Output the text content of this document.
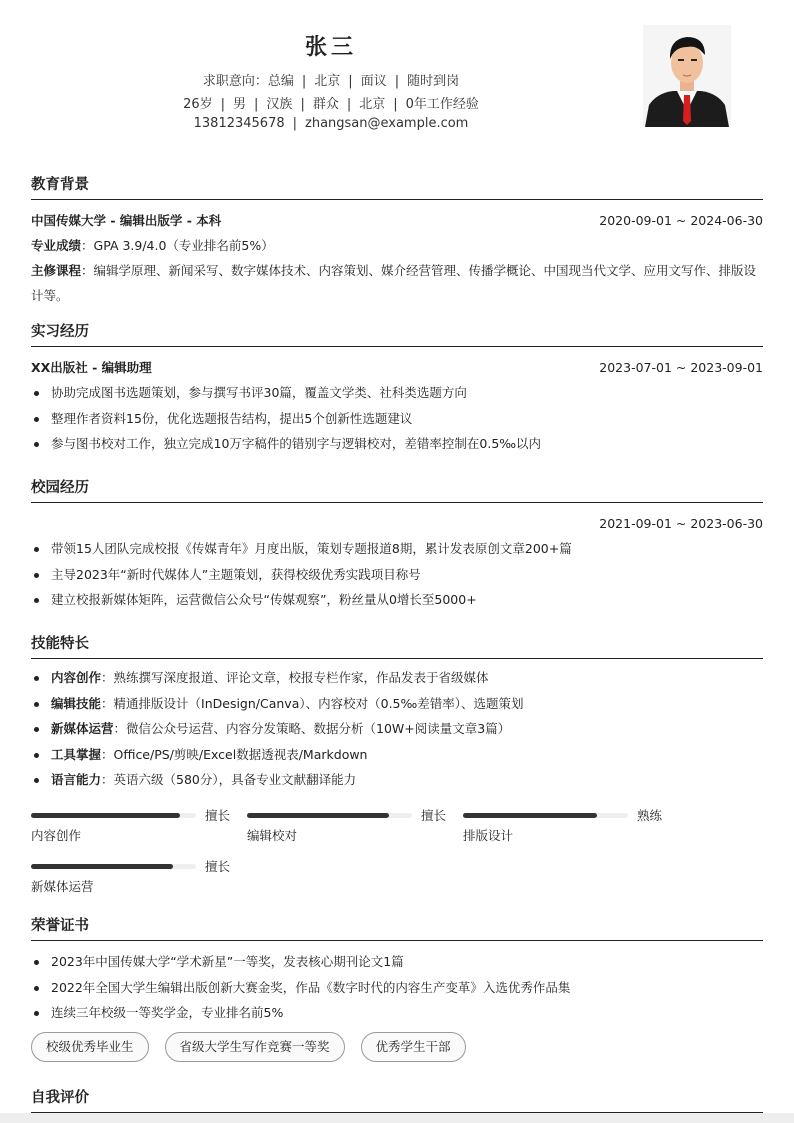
张三
求职意向：总编 | 北京 | 面议 | 随时到岗
26岁 | 男 | 汉族 | 群众 | 北京 | 0年工作经验
13812345678 | zhangsan@example.com
教育背景
中国传媒大学 - 编辑出版学 - 本科	2020-09-01 ~ 2024-06-30
专业成绩：GPA 3.9/4.0（专业排名前5%）
主修课程：编辑学原理、新闻采写、数字媒体技术、内容策划、媒介经营管理、传播学概论、中国现当代文学、应用文写作、排版设计等。
实习经历
XX出版社 - 编辑助理	2023-07-01 ~ 2023-09-01
协助完成图书选题策划，参与撰写书评30篇，覆盖文学类、社科类选题方向
整理作者资料15份，优化选题报告结构，提出5个创新性选题建议
参与图书校对工作，独立完成10万字稿件的错别字与逻辑校对，差错率控制在0.5‰以内
校园经历
2021-09-01 ~ 2023-06-30
带领15人团队完成校报《传媒青年》月度出版，策划专题报道8期，累计发表原创文章200+篇
主导2023年“新时代媒体人”主题策划，获得校级优秀实践项目称号
建立校报新媒体矩阵，运营微信公众号“传媒观察”，粉丝量从0增长至5000+
技能特长
内容创作：熟练撰写深度报道、评论文章，校报专栏作家，作品发表于省级媒体
编辑技能：精通排版设计（InDesign/Canva）、内容校对（0.5‰差错率）、选题策划
新媒体运营：微信公众号运营、内容分发策略、数据分析（10W+阅读量文章3篇）
工具掌握：Office/PS/剪映/Excel数据透视表/Markdown
语言能力：英语六级（580分），具备专业文献翻译能力
擅长
内容创作
擅长
编辑校对
熟练
排版设计
擅长
新媒体运营
荣誉证书
2023年中国传媒大学“学术新星”一等奖，发表核心期刊论文1篇
2022年全国大学生编辑出版创新大赛金奖，作品《数字时代的内容生产变革》入选优秀作品集
连续三年校级一等奖学金，专业排名前5%
校级优秀毕业生	省级大学生写作竞赛一等奖	优秀学生干部
自我评价
